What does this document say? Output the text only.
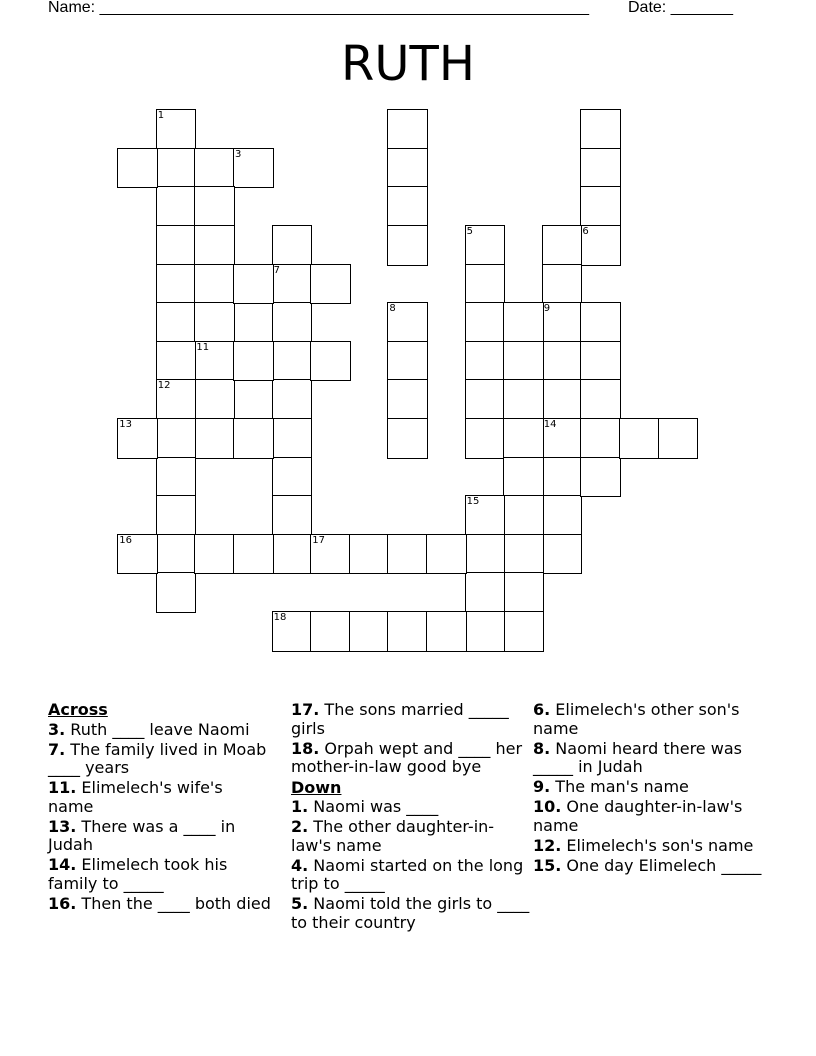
Name: _______________________________________________________ Date: _______
RUTH
1
3
11
7
5	6
9
14
8
12
13
15
16	17
18
Across
3. Ruth ____ leave Naomi
7. The family lived in Moab ____ years
11. Elimelech's wife's name
13. There was a ____ in Judah
14. Elimelech took his family to _____
16. Then the ____ both died
17. The sons married _____ girls
18. Orpah wept and ____ her mother-in-law good bye
Down
1. Naomi was ____
2. The other daughter-in-law's name
4. Naomi started on the long trip to _____
5. Naomi told the girls to ____ to their country
6. Elimelech's other son's name
8. Naomi heard there was _____ in Judah
9. The man's name
10. One daughter-in-law's name
12. Elimelech's son's name
15. One day Elimelech _____
